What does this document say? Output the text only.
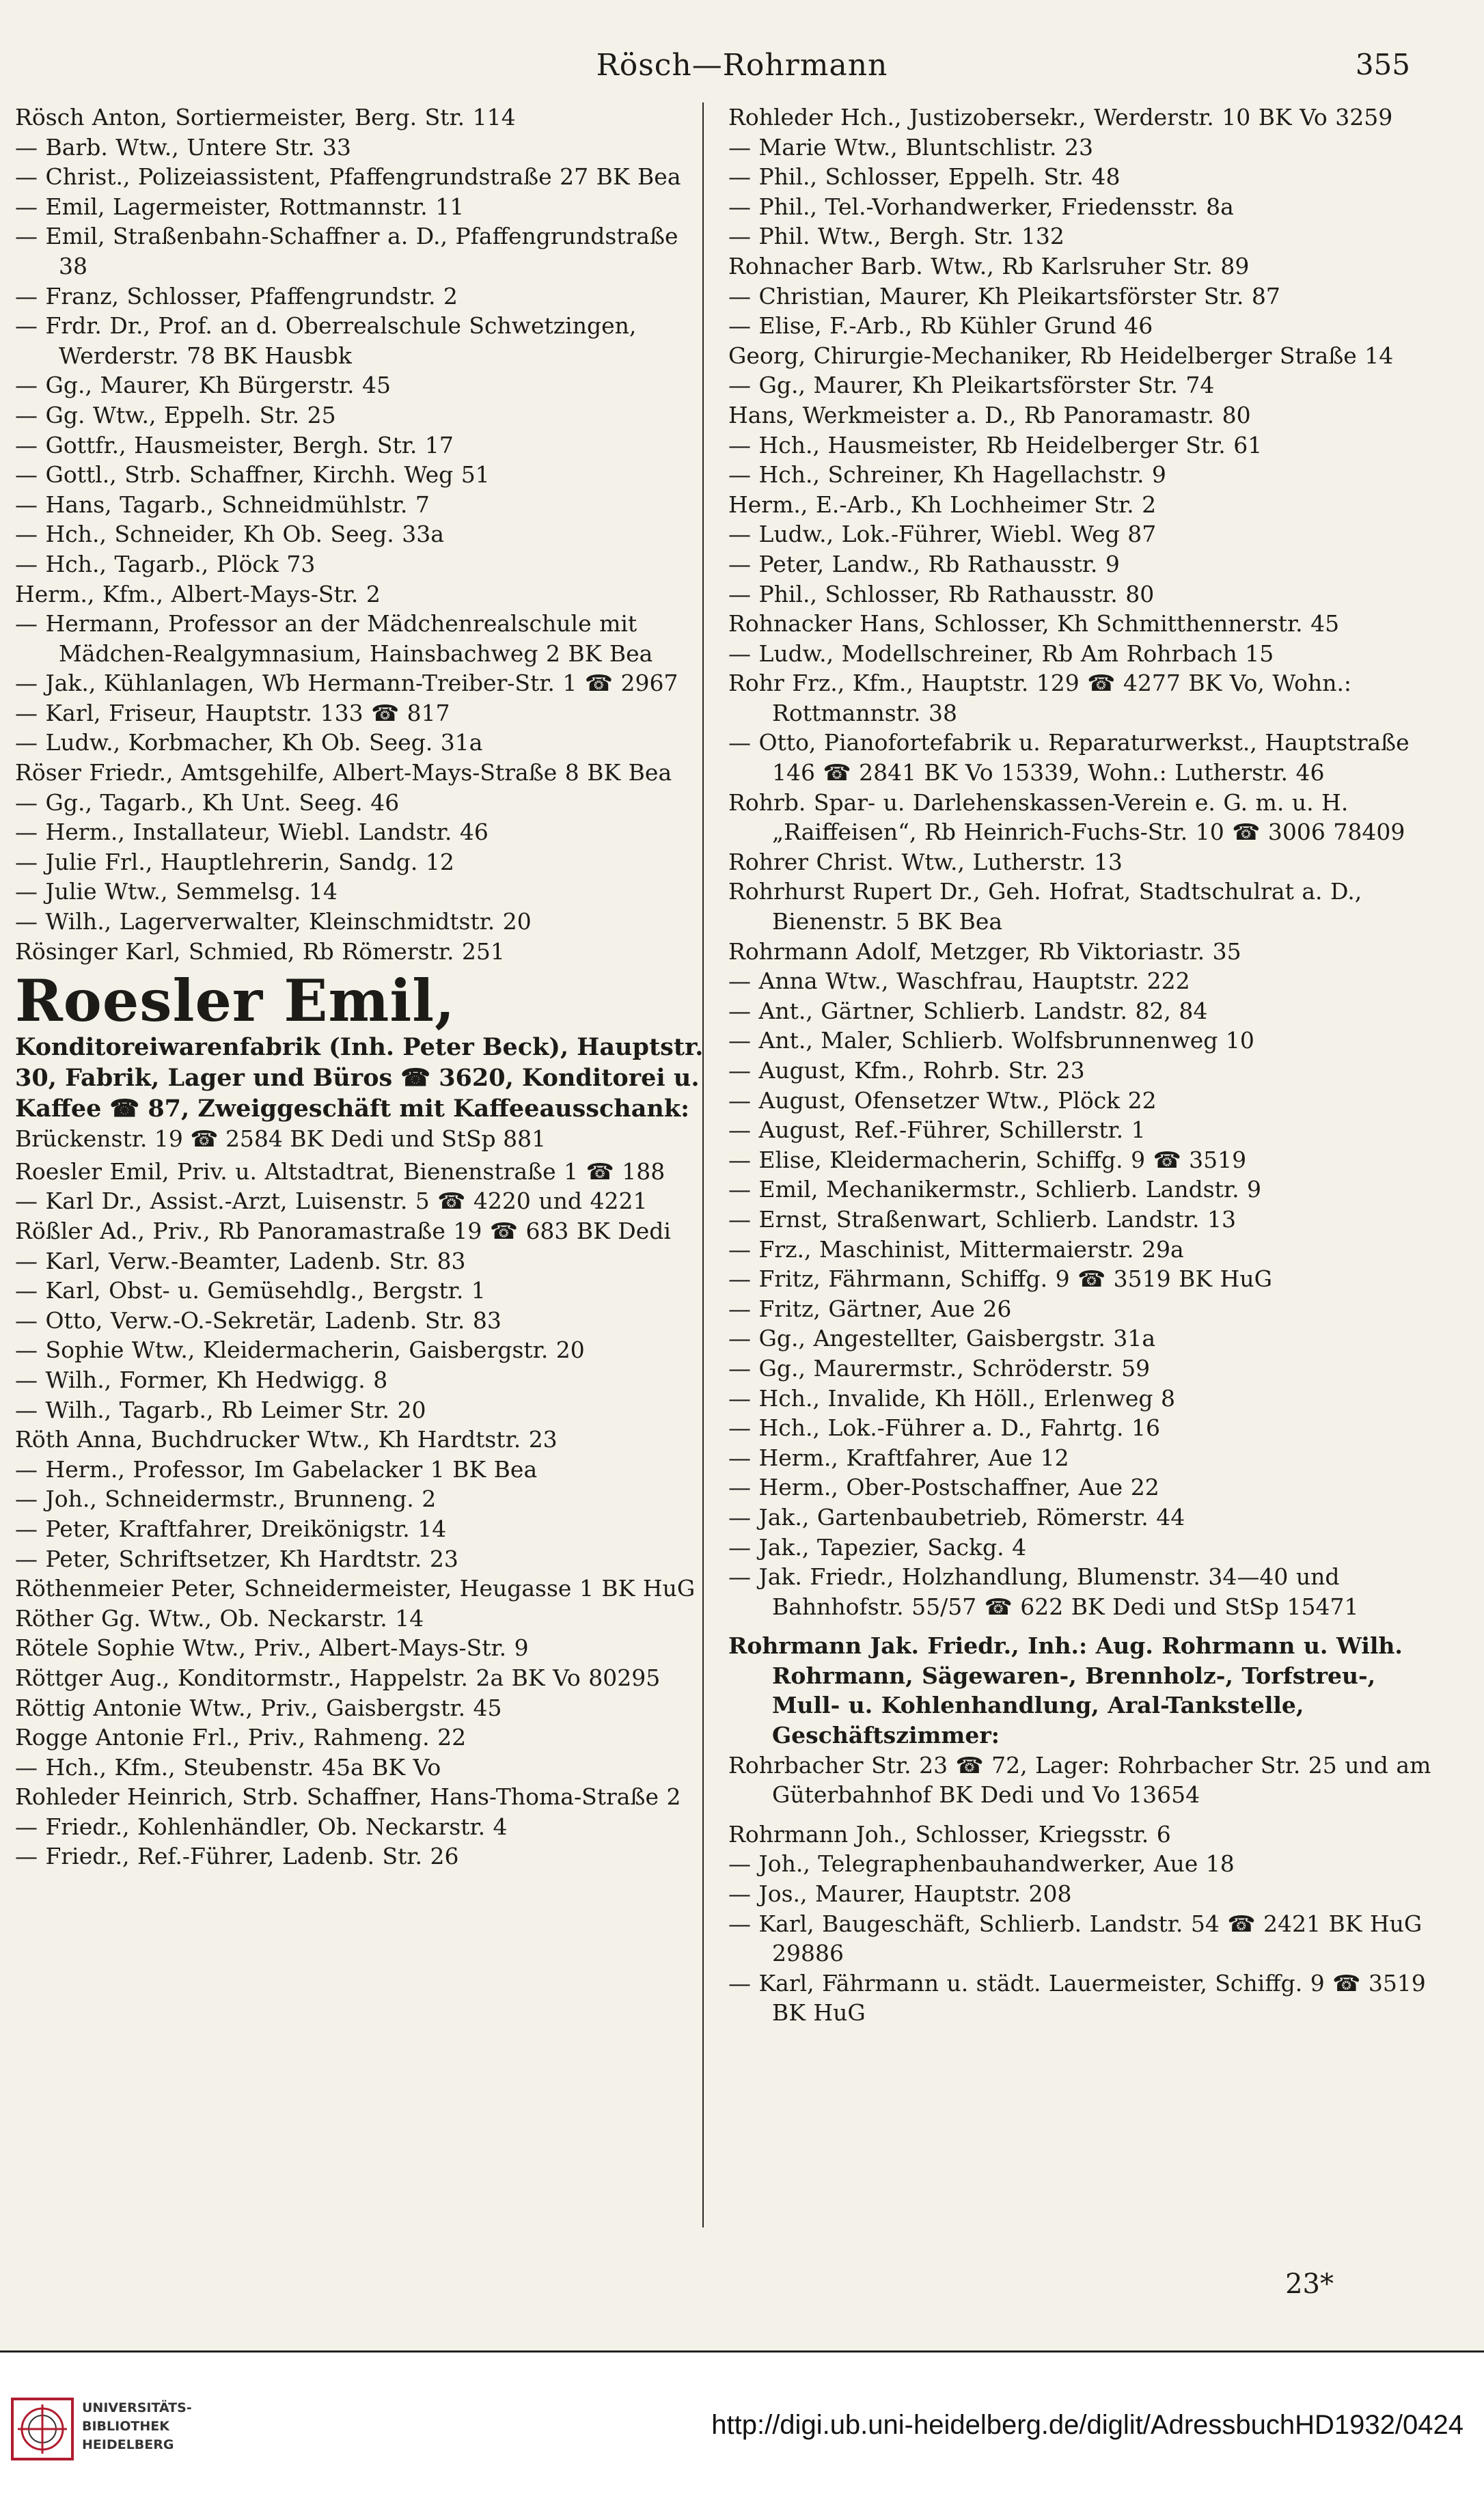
Rösch—Rohrmann	355
Rösch Anton, Sortiermeister, Berg. Str. 114
— Barb. Wtw., Untere Str. 33
— Christ., Polizeiassistent, Pfaffengrundstraße 27 BK Bea
— Emil, Lagermeister, Rottmannstr. 11
— Emil, Straßenbahn-Schaffner a. D., Pfaffengrundstraße 38
— Franz, Schlosser, Pfaffengrundstr. 2
— Frdr. Dr., Prof. an d. Oberrealschule Schwetzingen, Werderstr. 78 BK Hausbk
— Gg., Maurer, Kh Bürgerstr. 45
— Gg. Wtw., Eppelh. Str. 25
— Gottfr., Hausmeister, Bergh. Str. 17
— Gottl., Strb. Schaffner, Kirchh. Weg 51
— Hans, Tagarb., Schneidmühlstr. 7
— Hch., Schneider, Kh Ob. Seeg. 33a
— Hch., Tagarb., Plöck 73
Herm., Kfm., Albert-Mays-Str. 2
— Hermann, Professor an der Mädchenrealschule mit Mädchen-Realgymnasium, Hainsbachweg 2 BK Bea
— Jak., Kühlanlagen, Wb Hermann-Treiber-Str. 1 ☎ 2967
— Karl, Friseur, Hauptstr. 133 ☎ 817
— Ludw., Korbmacher, Kh Ob. Seeg. 31a
Röser Friedr., Amtsgehilfe, Albert-Mays-Straße 8 BK Bea
— Gg., Tagarb., Kh Unt. Seeg. 46
— Herm., Installateur, Wiebl. Landstr. 46
— Julie Frl., Hauptlehrerin, Sandg. 12
— Julie Wtw., Semmelsg. 14
— Wilh., Lagerverwalter, Kleinschmidtstr. 20
Rösinger Karl, Schmied, Rb Römerstr. 251
Roesler Emil,
Konditoreiwarenfabrik (Inh. Peter Beck), Hauptstr. 30, Fabrik, Lager und Büros ☎ 3620, Konditorei u. Kaffee ☎ 87, Zweiggeschäft mit Kaffeeausschank:
Brückenstr. 19 ☎ 2584 BK Dedi und StSp 881
Roesler Emil, Priv. u. Altstadtrat, Bienenstraße 1 ☎ 188
— Karl Dr., Assist.-Arzt, Luisenstr. 5 ☎ 4220 und 4221
Rößler Ad., Priv., Rb Panoramastraße 19 ☎ 683 BK Dedi
— Karl, Verw.-Beamter, Ladenb. Str. 83
— Karl, Obst- u. Gemüsehdlg., Bergstr. 1
— Otto, Verw.-O.-Sekretär, Ladenb. Str. 83
— Sophie Wtw., Kleidermacherin, Gaisbergstr. 20
— Wilh., Former, Kh Hedwigg. 8
— Wilh., Tagarb., Rb Leimer Str. 20
Röth Anna, Buchdrucker Wtw., Kh Hardtstr. 23
— Herm., Professor, Im Gabelacker 1 BK Bea
— Joh., Schneidermstr., Brunneng. 2
— Peter, Kraftfahrer, Dreikönigstr. 14
— Peter, Schriftsetzer, Kh Hardtstr. 23
Röthenmeier Peter, Schneidermeister, Heugasse 1 BK HuG
Röther Gg. Wtw., Ob. Neckarstr. 14
Rötele Sophie Wtw., Priv., Albert-Mays-Str. 9
Röttger Aug., Konditormstr., Happelstr. 2a BK Vo 80295
Röttig Antonie Wtw., Priv., Gaisbergstr. 45
Rogge Antonie Frl., Priv., Rahmeng. 22
— Hch., Kfm., Steubenstr. 45a BK Vo
Rohleder Heinrich, Strb. Schaffner, Hans-Thoma-Straße 2
— Friedr., Kohlenhändler, Ob. Neckarstr. 4
— Friedr., Ref.-Führer, Ladenb. Str. 26
Rohleder Hch., Justizobersekr., Werderstr. 10 BK Vo 3259
— Marie Wtw., Bluntschlistr. 23
— Phil., Schlosser, Eppelh. Str. 48
— Phil., Tel.-Vorhandwerker, Friedensstr. 8a
— Phil. Wtw., Bergh. Str. 132
Rohnacher Barb. Wtw., Rb Karlsruher Str. 89
— Christian, Maurer, Kh Pleikartsförster Str. 87
— Elise, F.-Arb., Rb Kühler Grund 46
Georg, Chirurgie-Mechaniker, Rb Heidelberger Straße 14
— Gg., Maurer, Kh Pleikartsförster Str. 74
Hans, Werkmeister a. D., Rb Panoramastr. 80
— Hch., Hausmeister, Rb Heidelberger Str. 61
— Hch., Schreiner, Kh Hagellachstr. 9
Herm., E.-Arb., Kh Lochheimer Str. 2
— Ludw., Lok.-Führer, Wiebl. Weg 87
— Peter, Landw., Rb Rathausstr. 9
— Phil., Schlosser, Rb Rathausstr. 80
Rohnacker Hans, Schlosser, Kh Schmitthennerstr. 45
— Ludw., Modellschreiner, Rb Am Rohrbach 15
Rohr Frz., Kfm., Hauptstr. 129 ☎ 4277 BK Vo, Wohn.: Rottmannstr. 38
— Otto, Pianofortefabrik u. Reparaturwerkst., Hauptstraße 146 ☎ 2841 BK Vo 15339, Wohn.: Lutherstr. 46
Rohrb. Spar- u. Darlehenskassen-Verein e. G. m. u. H. „Raiffeisen“, Rb Heinrich-Fuchs-Str. 10 ☎ 3006 78409
Rohrer Christ. Wtw., Lutherstr. 13
Rohrhurst Rupert Dr., Geh. Hofrat, Stadtschulrat a. D., Bienenstr. 5 BK Bea
Rohrmann Adolf, Metzger, Rb Viktoriastr. 35
— Anna Wtw., Waschfrau, Hauptstr. 222
— Ant., Gärtner, Schlierb. Landstr. 82, 84
— Ant., Maler, Schlierb. Wolfsbrunnenweg 10
— August, Kfm., Rohrb. Str. 23
— August, Ofensetzer Wtw., Plöck 22
— August, Ref.-Führer, Schillerstr. 1
— Elise, Kleidermacherin, Schiffg. 9 ☎ 3519
— Emil, Mechanikermstr., Schlierb. Landstr. 9
— Ernst, Straßenwart, Schlierb. Landstr. 13
— Frz., Maschinist, Mittermaierstr. 29a
— Fritz, Fährmann, Schiffg. 9 ☎ 3519 BK HuG
— Fritz, Gärtner, Aue 26
— Gg., Angestellter, Gaisbergstr. 31a
— Gg., Maurermstr., Schröderstr. 59
— Hch., Invalide, Kh Höll., Erlenweg 8
— Hch., Lok.-Führer a. D., Fahrtg. 16
— Herm., Kraftfahrer, Aue 12
— Herm., Ober-Postschaffner, Aue 22
— Jak., Gartenbaubetrieb, Römerstr. 44
— Jak., Tapezier, Sackg. 4
— Jak. Friedr., Holzhandlung, Blumenstr. 34—40 und Bahnhofstr. 55/57 ☎ 622 BK Dedi und StSp 15471
Rohrmann Jak. Friedr., Inh.: Aug. Rohrmann u. Wilh. Rohrmann, Sägewaren-, Brennholz-, Torfstreu-, Mull- u. Kohlenhandlung, Aral-Tankstelle, Geschäftszimmer:
Rohrbacher Str. 23 ☎ 72, Lager: Rohrbacher Str. 25 und am Güterbahnhof BK Dedi und Vo 13654
Rohrmann Joh., Schlosser, Kriegsstr. 6
— Joh., Telegraphenbauhandwerker, Aue 18
— Jos., Maurer, Hauptstr. 208
— Karl, Baugeschäft, Schlierb. Landstr. 54 ☎ 2421 BK HuG 29886
— Karl, Fährmann u. städt. Lauermeister, Schiffg. 9 ☎ 3519 BK HuG
23*
UNIVERSITÄTS-
BIBLIOTHEK
HEIDELBERG
http://digi.ub.uni-heidelberg.de/diglit/AdressbuchHD1932/0424
